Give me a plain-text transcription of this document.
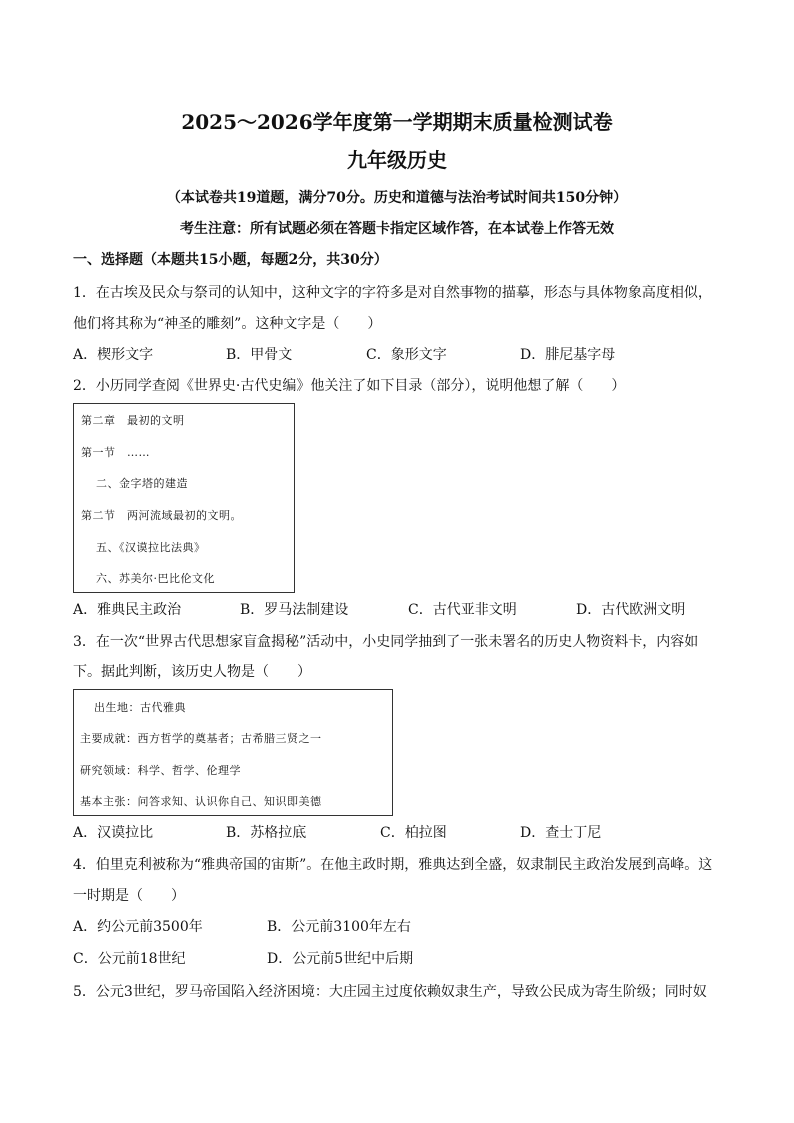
2025～2026学年度第一学期期末质量检测试卷
九年级历史
（本试卷共19道题，满分70分。历史和道德与法治考试时间共150分钟）
考生注意：所有试题必须在答题卡指定区域作答，在本试卷上作答无效
一、选择题（本题共15小题，每题2分，共30分）
1．在古埃及民众与祭司的认知中，这种文字的字符多是对自然事物的描摹，形态与具体物象高度相似，
他们将其称为“神圣的雕刻”。这种文字是（　　）
A．楔形文字	B．甲骨文	C．象形文字	D．腓尼基字母
2．小历同学查阅《世界史·古代史编》他关注了如下目录（部分），说明他想了解（　　）
第二章　最初的文明
第一节　……
二、金字塔的建造
第二节　两河流域最初的文明。
五、《汉谟拉比法典》
六、苏美尔·巴比伦文化
A．雅典民主政治	B．罗马法制建设	C．古代亚非文明	D．古代欧洲文明
3．在一次“世界古代思想家盲盒揭秘”活动中，小史同学抽到了一张未署名的历史人物资料卡，内容如
下。据此判断，该历史人物是（　　）
出生地：古代雅典
主要成就：西方哲学的奠基者；古希腊三贤之一
研究领域：科学、哲学、伦理学
基本主张：问答求知、认识你自己、知识即美德
A．汉谟拉比	B．苏格拉底	C．柏拉图	D．查士丁尼
4．伯里克利被称为“雅典帝国的宙斯”。在他主政时期，雅典达到全盛，奴隶制民主政治发展到高峰。这
一时期是（　　）
A．约公元前3500年	B．公元前3100年左右
C．公元前18世纪	D．公元前5世纪中后期
5．公元3世纪，罗马帝国陷入经济困境：大庄园主过度依赖奴隶生产，导致公民成为寄生阶级；同时奴
